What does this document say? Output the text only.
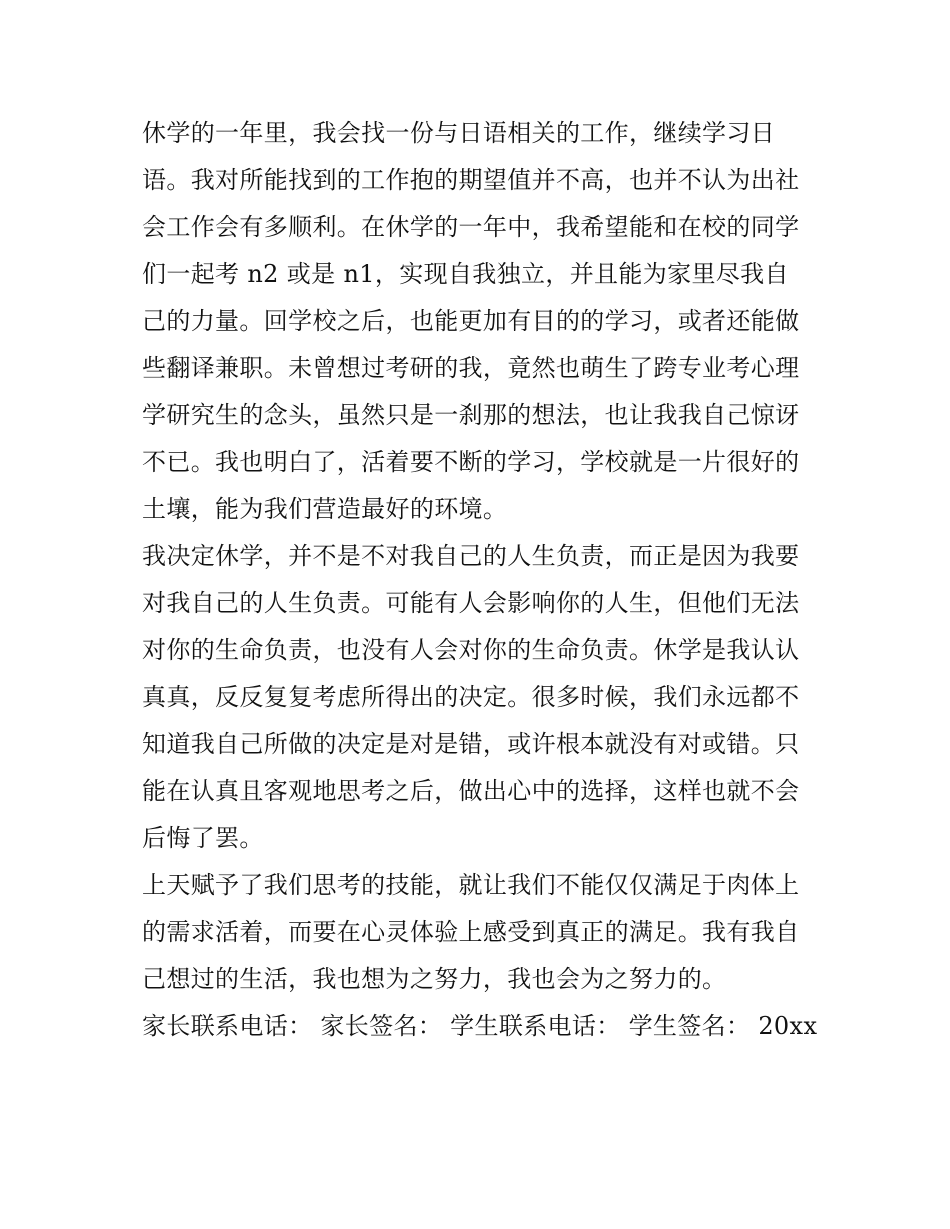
休学的一年里，我会找一份与日语相关的工作，继续学习日语。我对所能找到的工作抱的期望值并不高，也并不认为出社会工作会有多顺利。在休学的一年中，我希望能和在校的同学们一起考 n2 或是 n1，实现自我独立，并且能为家里尽我自己的力量。回学校之后，也能更加有目的的学习，或者还能做些翻译兼职。未曾想过考研的我，竟然也萌生了跨专业考心理学研究生的念头，虽然只是一刹那的想法，也让我我自己惊讶不已。我也明白了，活着要不断的学习，学校就是一片很好的土壤，能为我们营造最好的环境。

我决定休学，并不是不对我自己的人生负责，而正是因为我要对我自己的人生负责。可能有人会影响你的人生，但他们无法对你的生命负责，也没有人会对你的生命负责。休学是我认认真真，反反复复考虑所得出的决定。很多时候，我们永远都不知道我自己所做的决定是对是错，或许根本就没有对或错。只能在认真且客观地思考之后，做出心中的选择，这样也就不会后悔了罢。

上天赋予了我们思考的技能，就让我们不能仅仅满足于肉体上的需求活着，而要在心灵体验上感受到真正的满足。我有我自己想过的生活，我也想为之努力，我也会为之努力的。

家长联系电话： 家长签名： 学生联系电话： 学生签名： 20xx
